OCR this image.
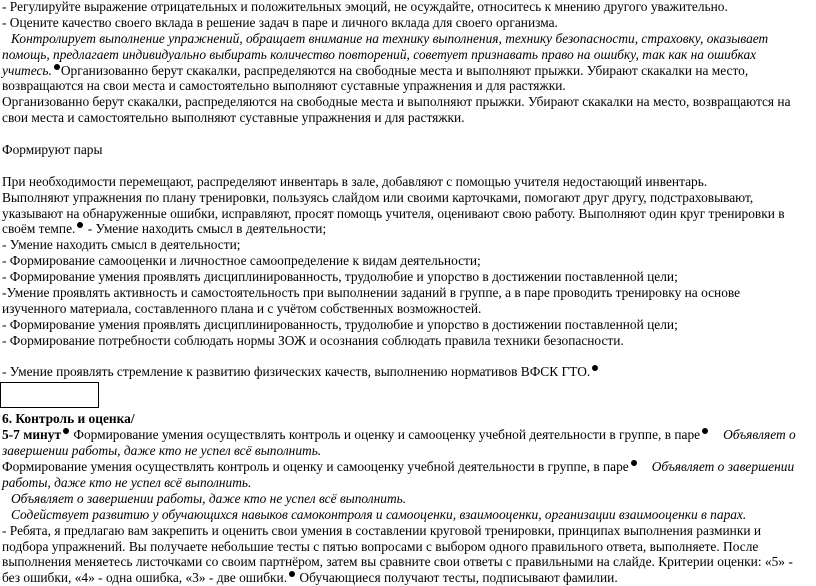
- Регулируйте выражение отрицательных и положительных эмоций, не осуждайте, относитесь к мнению другого уважительно.
- Оцените качество своего вклада в решение задач в паре и личного вклада для своего организма.
Контролирует выполнение упражнений, обращает внимание на технику выполнения, технику безопасности, страховку, оказывает
помощь, предлагает индивидуально выбирать количество повторений, советует признавать право на ошибку, так как на ошибках
учитесь. Организованно берут скакалки, распределяются на свободные места и выполняют прыжки. Убирают скакалки на место,
возвращаются на свои места и самостоятельно выполняют суставные упражнения и для растяжки.
Организованно берут скакалки, распределяются на свободные места и выполняют прыжки. Убирают скакалки на место, возвращаются на
свои места и самостоятельно выполняют суставные упражнения и для растяжки.
Формируют пары
При необходимости перемещают, распределяют инвентарь в зале, добавляют с помощью учителя недостающий инвентарь.
Выполняют упражнения по плану тренировки, пользуясь слайдом или своими карточками, помогают друг другу, подстраховывают,
указывают на обнаруженные ошибки, исправляют, просят помощь учителя, оценивают свою работу. Выполняют один круг тренировки в
своём темпе. - Умение находить смысл в деятельности;
- Умение находить смысл в деятельности;
- Формирование самооценки и личностное самоопределение к видам деятельности;
- Формирование умения проявлять дисциплинированность, трудолюбие и упорство в достижении поставленной цели;
-Умение проявлять активность и самостоятельность при выполнении заданий в группе, а в паре проводить тренировку на основе
изученного материала, составленного плана и с учётом собственных возможностей.
- Формирование умения проявлять дисциплинированность, трудолюбие и упорство в достижении поставленной цели;
- Формирование потребности соблюдать нормы ЗОЖ и осознания соблюдать правила техники безопасности.
- Умение проявлять стремление к развитию физических качеств, выполнению нормативов ВФСК ГТО.
6. Контроль и оценка/
5-7 минут Формирование умения осуществлять контроль и оценку и самооценку учебной деятельности в группе, в паре Объявляет о
завершении работы, даже кто не успел всё выполнить.
Формирование умения осуществлять контроль и оценку и самооценку учебной деятельности в группе, в паре Объявляет о завершении
работы, даже кто не успел всё выполнить.
Объявляет о завершении работы, даже кто не успел всё выполнить.
Содействует развитию у обучающихся навыков самоконтроля и самооценки, взаимооценки, организации взаимооценки в парах.
- Ребята, я предлагаю вам закрепить и оценить свои умения в составлении круговой тренировки, принципах выполнения разминки и
подбора упражнений. Вы получаете небольшие тесты с пятью вопросами с выбором одного правильного ответа, выполняете. После
выполнения меняетесь листочками со своим партнёром, затем вы сравните свои ответы с правильными на слайде. Критерии оценки: «5» -
без ошибки, «4» - одна ошибка, «3» - две ошибки. Обучающиеся получают тесты, подписывают фамилии.
